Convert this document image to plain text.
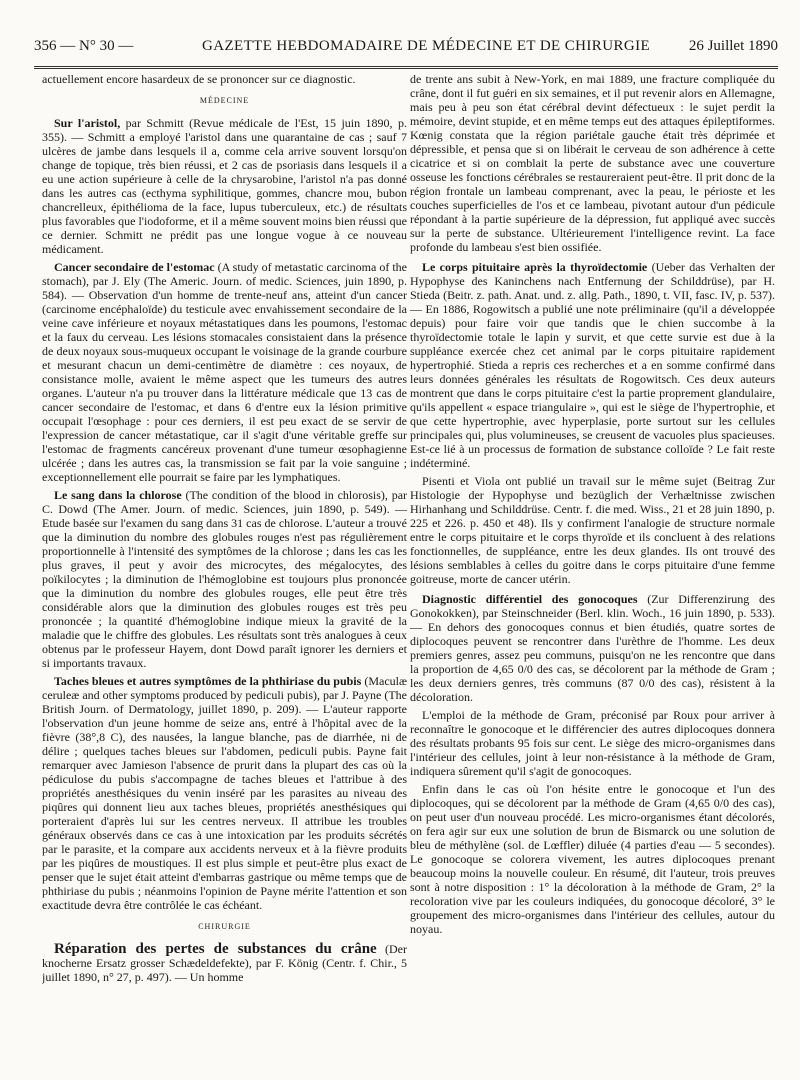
356 — N° 30 —	GAZETTE HEBDOMADAIRE DE MÉDECINE ET DE CHIRURGIE	26 Juillet 1890

actuellement encore hasardeux de se prononcer sur ce diagnostic.

MÉDECINE

Sur l'aristol, par Schmitt (Revue médicale de l'Est, 15 juin 1890, p. 355). — Schmitt a employé l'aristol dans une quarantaine de cas ; sauf 7 ulcères de jambe dans lesquels il a, comme cela arrive souvent lorsqu'on change de topique, très bien réussi, et 2 cas de psoriasis dans lesquels il a eu une action supérieure à celle de la chrysarobine, l'aristol n'a pas donné dans les autres cas (ecthyma syphilitique, gommes, chancre mou, bubon chancrelleux, épithélioma de la face, lupus tuberculeux, etc.) de résultats plus favorables que l'iodoforme, et il a même souvent moins bien réussi que ce dernier. Schmitt ne prédit pas une longue vogue à ce nouveau médicament.

Cancer secondaire de l'estomac (A study of metastatic carcinoma of the stomach), par J. Ely (The Americ. Journ. of medic. Sciences, juin 1890, p. 584). — Observation d'un homme de trente-neuf ans, atteint d'un cancer (carcinome encéphaloïde) du testicule avec envahissement secondaire de la veine cave inférieure et noyaux métastatiques dans les poumons, l'estomac et la faux du cerveau. Les lésions stomacales consistaient dans la présence de deux noyaux sous-muqueux occupant le voisinage de la grande courbure et mesurant chacun un demi-centimètre de diamètre : ces noyaux, de consistance molle, avaient le même aspect que les tumeurs des autres organes. L'auteur n'a pu trouver dans la littérature médicale que 13 cas de cancer secondaire de l'estomac, et dans 6 d'entre eux la lésion primitive occupait l'œsophage : pour ces derniers, il est peu exact de se servir de l'expression de cancer métastatique, car il s'agit d'une véritable greffe sur l'estomac de fragments cancéreux provenant d'une tumeur œsophagienne ulcérée ; dans les autres cas, la transmission se fait par la voie sanguine ; exceptionnellement elle pourrait se faire par les lymphatiques.

Le sang dans la chlorose (The condition of the blood in chlorosis), par C. Dowd (The Amer. Journ. of medic. Sciences, juin 1890, p. 549). — Etude basée sur l'examen du sang dans 31 cas de chlorose. L'auteur a trouvé que la diminution du nombre des globules rouges n'est pas régulièrement proportionnelle à l'intensité des symptômes de la chlorose ; dans les cas les plus graves, il peut y avoir des microcytes, des mégalocytes, des poïkilocytes ; la diminution de l'hémoglobine est toujours plus prononcée que la diminution du nombre des globules rouges, elle peut être très considérable alors que la diminution des globules rouges est très peu prononcée ; la quantité d'hémoglobine indique mieux la gravité de la maladie que le chiffre des globules. Les résultats sont très analogues à ceux obtenus par le professeur Hayem, dont Dowd paraît ignorer les derniers et si importants travaux.

Taches bleues et autres symptômes de la phthiriase du pubis (Maculæ ceruleæ and other symptoms produced by pediculi pubis), par J. Payne (The British Journ. of Dermatology, juillet 1890, p. 209). — L'auteur rapporte l'observation d'un jeune homme de seize ans, entré à l'hôpital avec de la fièvre (38°,8 C), des nausées, la langue blanche, pas de diarrhée, ni de délire ; quelques taches bleues sur l'abdomen, pediculi pubis. Payne fait remarquer avec Jamieson l'absence de prurit dans la plupart des cas où la pédiculose du pubis s'accompagne de taches bleues et l'attribue à des propriétés anesthésiques du venin inséré par les parasites au niveau des piqûres qui donnent lieu aux taches bleues, propriétés anesthésiques qui porteraient d'après lui sur les centres nerveux. Il attribue les troubles généraux observés dans ce cas à une intoxication par les produits sécrétés par le parasite, et la compare aux accidents nerveux et à la fièvre produits par les piqûres de moustiques. Il est plus simple et peut-être plus exact de penser que le sujet était atteint d'embarras gastrique ou même temps que de phthiriase du pubis ; néanmoins l'opinion de Payne mérite l'attention et son exactitude devra être contrôlée le cas échéant.

CHIRURGIE

Réparation des pertes de substances du crâne (Der knocherne Ersatz grosser Schædeldefekte), par F. König (Centr. f. Chir., 5 juillet 1890, n° 27, p. 497). — Un homme

de trente ans subit à New-York, en mai 1889, une fracture compliquée du crâne, dont il fut guéri en six semaines, et il put revenir alors en Allemagne, mais peu à peu son état cérébral devint défectueux : le sujet perdit la mémoire, devint stupide, et en même temps eut des attaques épileptiformes. Kœnig constata que la région pariétale gauche était très déprimée et dépressible, et pensa que si on libérait le cerveau de son adhérence à cette cicatrice et si on comblait la perte de substance avec une couverture osseuse les fonctions cérébrales se restaureraient peut-être. Il prit donc de la région frontale un lambeau comprenant, avec la peau, le périoste et les couches superficielles de l'os et ce lambeau, pivotant autour d'un pédicule répondant à la partie supérieure de la dépression, fut appliqué avec succès sur la perte de substance. Ultérieurement l'intelligence revint. La face profonde du lambeau s'est bien ossifiée.

Le corps pituitaire après la thyroïdectomie (Ueber das Verhalten der Hypophyse des Kaninchens nach Entfernung der Schilddrüse), par H. Stieda (Beitr. z. path. Anat. und. z. allg. Path., 1890, t. VII, fasc. IV, p. 537). — En 1886, Rogowitsch a publié une note préliminaire (qu'il a développée depuis) pour faire voir que tandis que le chien succombe à la thyroïdectomie totale le lapin y survit, et que cette survie est due à la suppléance exercée chez cet animal par le corps pituitaire rapidement hypertrophié. Stieda a repris ces recherches et a en somme confirmé dans leurs données générales les résultats de Rogowitsch. Ces deux auteurs montrent que dans le corps pituitaire c'est la partie proprement glandulaire, qu'ils appellent « espace triangulaire », qui est le siège de l'hypertrophie, et que cette hypertrophie, avec hyperplasie, porte surtout sur les cellules principales qui, plus volumineuses, se creusent de vacuoles plus spacieuses. Est-ce lié à un processus de formation de substance colloïde ? Le fait reste indéterminé.

Pisenti et Viola ont publié un travail sur le même sujet (Beitrag Zur Histologie der Hypophyse und bezüglich der Verhæltnisse zwischen Hirhanhang und Schilddrüse. Centr. f. die med. Wiss., 21 et 28 juin 1890, p. 225 et 226. p. 450 et 48). Ils y confirment l'analogie de structure normale entre le corps pituitaire et le corps thyroïde et ils concluent à des relations fonctionnelles, de suppléance, entre les deux glandes. Ils ont trouvé des lésions semblables à celles du goitre dans le corps pituitaire d'une femme goitreuse, morte de cancer utérin.

Diagnostic différentiel des gonocoques (Zur Differenzirung des Gonokokken), par Steinschneider (Berl. klin. Woch., 16 juin 1890, p. 533). — En dehors des gonocoques connus et bien étudiés, quatre sortes de diplocoques peuvent se rencontrer dans l'urèthre de l'homme. Les deux premiers genres, assez peu communs, puisqu'on ne les rencontre que dans la proportion de 4,65 0/0 des cas, se décolorent par la méthode de Gram ; les deux derniers genres, très communs (87 0/0 des cas), résistent à la décoloration.

L'emploi de la méthode de Gram, préconisé par Roux pour arriver à reconnaître le gonocoque et le différencier des autres diplocoques donnera des résultats probants 95 fois sur cent. Le siège des micro-organismes dans l'intérieur des cellules, joint à leur non-résistance à la méthode de Gram, indiquera sûrement qu'il s'agit de gonocoques.

Enfin dans le cas où l'on hésite entre le gonocoque et l'un des diplocoques, qui se décolorent par la méthode de Gram (4,65 0/0 des cas), on peut user d'un nouveau procédé. Les micro-organismes étant décolorés, on fera agir sur eux une solution de brun de Bismarck ou une solution de bleu de méthylène (sol. de Lœffler) diluée (4 parties d'eau — 5 secondes). Le gonocoque se colorera vivement, les autres diplocoques prenant beaucoup moins la nouvelle couleur. En résumé, dit l'auteur, trois preuves sont à notre disposition : 1° la décoloration à la méthode de Gram, 2° la recoloration vive par les couleurs indiquées, du gonocoque décoloré, 3° le groupement des micro-organismes dans l'intérieur des cellules, autour du noyau.
